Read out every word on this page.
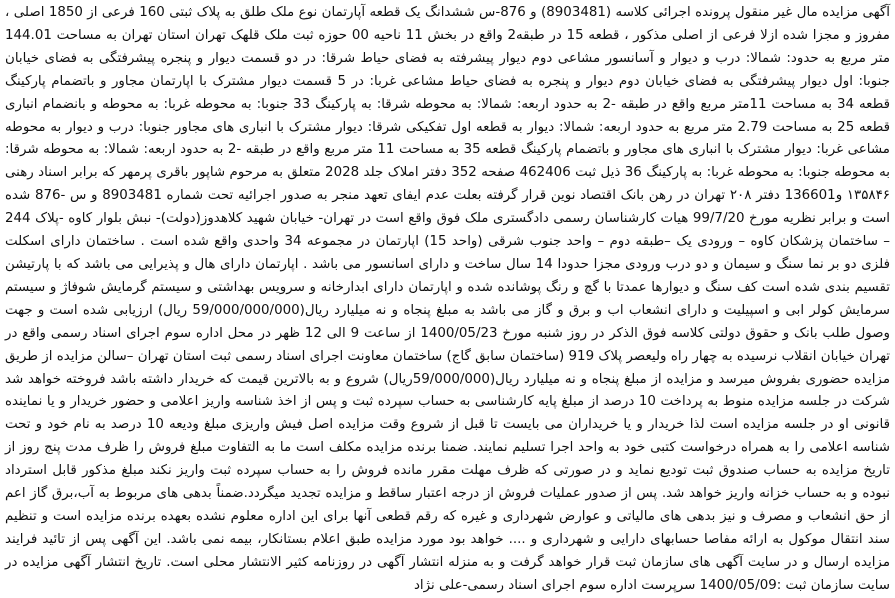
آگهی مزایده مال غیر منقول پرونده اجرائی کلاسه (8903481) و 876-س ششدانگ یک قطعه آپارتمان نوع ملک طلق به پلاک ثبتی 160 فرعی از 1850 اصلی ، مفروز و مجزا شده ازلا فرعی از اصلی مذکور ، قطعه 15 در طبقه2 واقع در بخش 11 ناحیه 00 حوزه ثبت ملک قلهک تهران استان تهران به مساحت 144.01 متر مربع به حدود: شمالا: درب و دیوار و آسانسور مشاعی دوم دیوار پیشرفته به فضای حیاط شرقا: در دو قسمت دیوار و پنجره پیشرفتگی به فضای خیابان جنوبا: اول دیوار پیشرفتگی به فضای خیابان دوم دیوار و پنجره به فضای حیاط مشاعی غربا: در 5 قسمت دیوار مشترک با اپارتمان مجاور و باتضمام پارکینگ قطعه 34 به مساحت 11متر مربع واقع در طبقه -2 به حدود اربعه: شمالا: به محوطه شرقا: به پارکینگ 33 جنوبا: به محوطه غربا: به محوطه و بانضمام انباری قطعه 25 به مساحت 2.79 متر مربع به حدود اربعه: شمالا: دیوار به قطعه اول تفکیکی شرقا: دیوار مشترک با انباری های مجاور جنوبا: درب و دیوار به محوطه مشاعی غربا: دیوار مشترک با انباری های مجاور و باتضمام پارکینگ قطعه 35 به مساحت 11 متر مربع واقع در طبقه -2 به حدود اربعه: شمالا: به محوطه شرقا: به محوطه جنوبا: به محوطه غربا: به پارکینگ 36 ذیل ثبت 462406 صفحه 352 دفتر املاک جلد 2028 متعلق به مرحوم شاپور باقری پرمهر که برابر اسناد رهنی ۱۳۵۸۴۶ و136601 دفتر ۲۰۸ تهران در رهن بانک اقتصاد نوین قرار گرفته بعلت عدم ایفای تعهد منجر به صدور اجرائیه تحت شماره 8903481 و س -876 شده است و برابر نظریه مورخ 99/7/20 هیات کارشناسان رسمی دادگستری ملک فوق واقع است در تهران- خیابان شهید کلاهدوز(دولت)- نبش بلوار کاوه -پلاک 244 – ساختمان پزشکان کاوه – ورودی یک –طبقه دوم – واحد جنوب شرقی (واحد 15) اپارتمان در مجموعه 34 واحدی واقع شده است . ساختمان دارای اسکلت فلزی دو بر نما سنگ و سیمان و دو درب ورودی مجزا حدودا 14 سال ساخت و دارای اسانسور می باشد . اپارتمان دارای هال و پذیرایی می باشد که با پارتیشن تقسیم بندی شده است کف سنگ و دیوارها عمدتا با گچ و رنگ پوشانده شده و اپارتمان دارای ابدارخانه و سرویس بهداشتی و سیستم گرمایش شوفاژ و سیستم سرمایش کولر ابی و اسپیلیت و دارای انشعاب اب و برق و گاز می باشد به مبلغ پنجاه و نه میلیارد ریال(59/000/000/000 ریال) ارزیابی شده است و جهت وصول طلب بانک و حقوق دولتی کلاسه فوق الذکر در روز شنبه مورخ 1400/05/23 از ساعت 9 الی 12 ظهر در محل اداره سوم اجرای اسناد رسمی واقع در تهران خیابان انقلاب نرسیده به چهار راه ولیعصر پلاک 919 (ساختمان سابق گاج) ساختمان معاونت اجرای اسناد رسمی ثبت استان تهران –سالن مزایده از طریق مزایده حضوری بفروش میرسد و مزایده از مبلغ پنجاه و نه میلیارد ریال(59/000/000ریال) شروع و به بالاترین قیمت که خریدار داشته باشد فروخته خواهد شد شرکت در جلسه مزایده منوط به پرداخت 10 درصد از مبلغ پایه کارشناسی به حساب سپرده ثبت و پس از اخذ شناسه واریز اعلامی و حضور خریدار و یا نماینده قانونی او در جلسه مزایده است لذا خریدار و یا خریداران می بایست تا قبل از شروع وقت مزایده اصل فیش واریزی مبلغ ودیعه 10 درصد به نام خود و تحت شناسه اعلامی را به همراه درخواست کتبی خود به واحد اجرا تسلیم نمایند. ضمنا برنده مزایده مکلف است ما به التفاوت مبلغ فروش را ظرف مدت پنج روز از تاریخ مزایده به حساب صندوق ثبت تودیع نماید و در صورتی که ظرف مهلت مقرر مانده فروش را به حساب سپرده ثبت واریز نکند مبلغ مذکور قابل استرداد نبوده و به حساب خزانه واریز خواهد شد. پس از صدور عملیات فروش از درجه اعتبار ساقط و مزایده تجدید میگردد.ضمناً بدهی های مربوط به آب،برق گاز اعم از حق انشعاب و مصرف و نیز بدهی های مالیاتی و عوارض شهرداری و غیره که رقم قطعی آنها برای این اداره معلوم نشده بعهده برنده مزایده است و تنظیم سند انتقال موکول به ارائه مفاصا حسابهای دارایی و شهرداری و .... خواهد بود مورد مزایده طبق اعلام بستانکار، بیمه نمی باشد. این آگهی پس از تائید فرایند مزایده ارسال و در سایت آگهی های سازمان ثبت قرار خواهد گرفت و به منزله انتشار آگهی در روزنامه کثیر الانتشار محلی است. تاریخ انتشار آگهی مزایده در سایت سازمان ثبت :1400/05/09 سرپرست اداره سوم اجرای اسناد رسمی-علی نژاد
